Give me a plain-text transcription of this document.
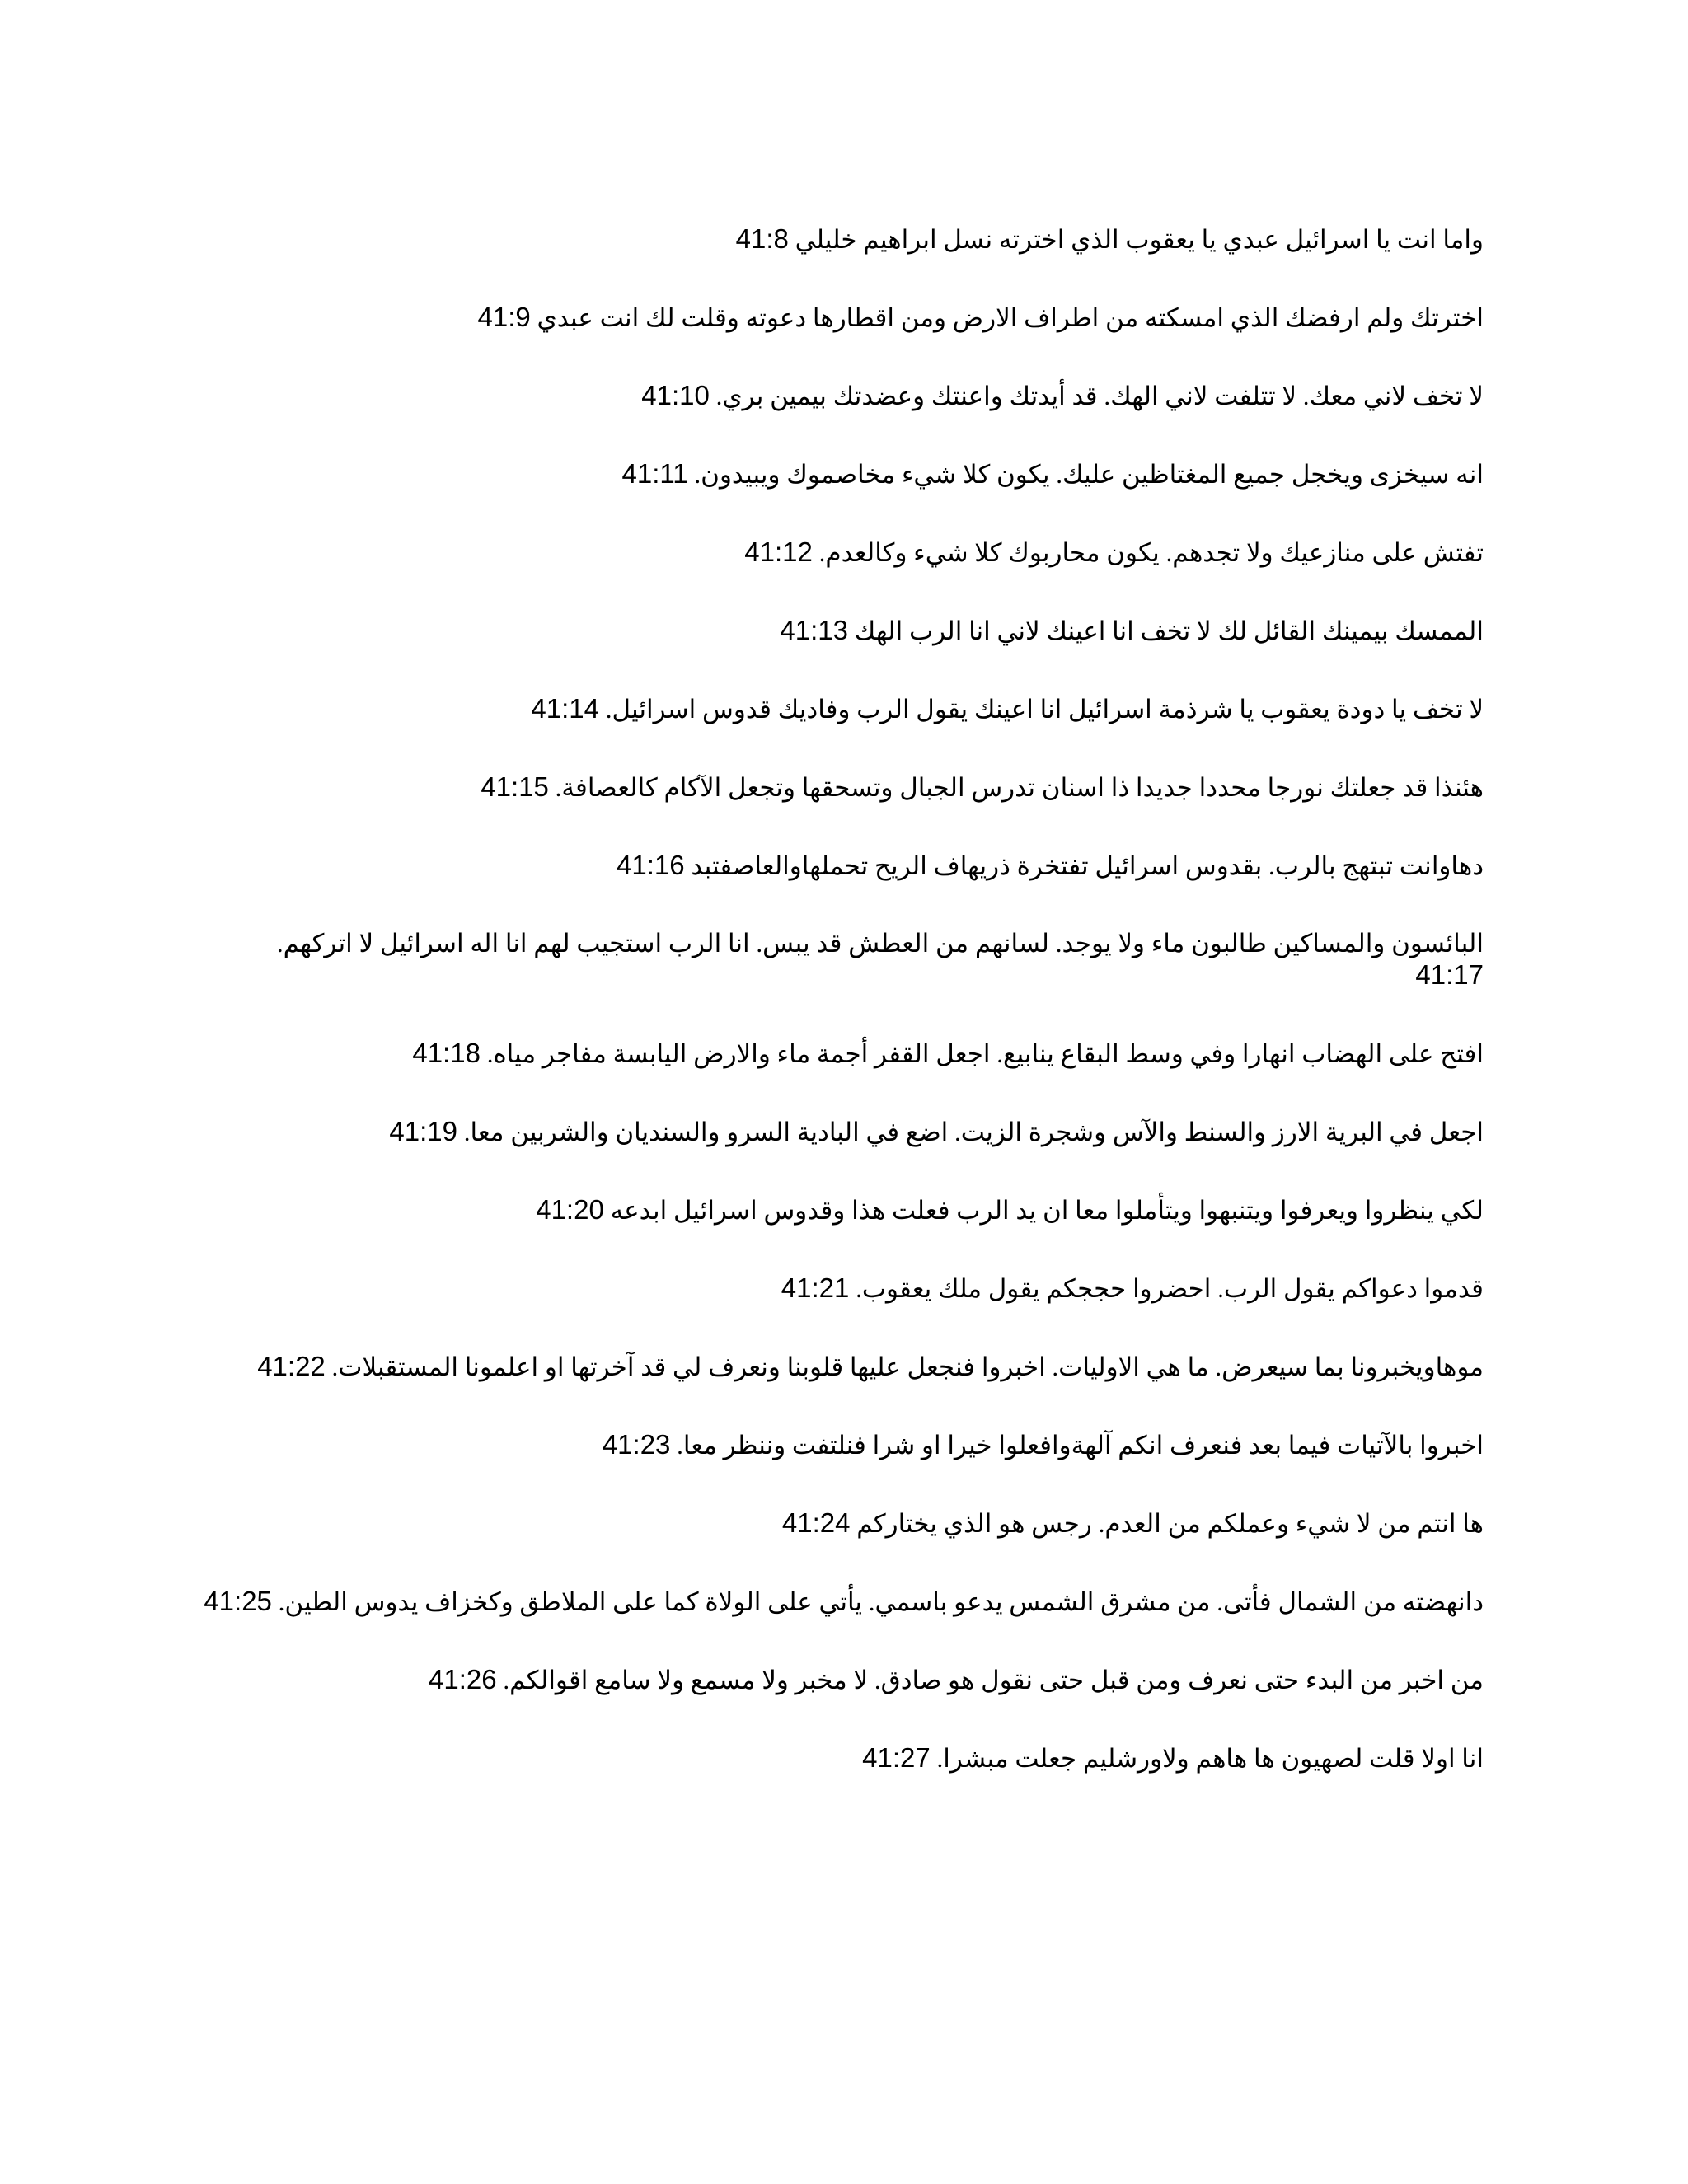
واما انت يا اسرائيل عبدي يا يعقوب الذي اخترته نسل ابراهيم خليلي 41:8

اخترتك ولم ارفضك الذي امسكته من اطراف الارض ومن اقطارها دعوته وقلت لك انت عبدي 41:9

لا تخف لاني معك. لا تتلفت لاني الهك. قد أيدتك واعنتك وعضدتك بيمين بري. 41:10

انه سيخزى ويخجل جميع المغتاظين عليك. يكون كلا شيء مخاصموك ويبيدون. 41:11

تفتش على منازعيك ولا تجدهم. يكون محاربوك كلا شيء وكالعدم. 41:12

الممسك بيمينك القائل لك لا تخف انا اعينك لاني انا الرب الهك 41:13

لا تخف يا دودة يعقوب يا شرذمة اسرائيل انا اعينك يقول الرب وفاديك قدوس اسرائيل. 41:14

هئنذا قد جعلتك نورجا محددا جديدا ذا اسنان تدرس الجبال وتسحقها وتجعل الآكام كالعصافة. 41:15

دهاوانت تبتهج بالرب. بقدوس اسرائيل تفتخرة ذريهاف الريح تحملهاوالعاصفتبد 41:16

البائسون والمساكين طالبون ماء ولا يوجد. لسانهم من العطش قد يبس. انا الرب استجيب لهم انا اله اسرائيل لا اتركهم. 41:17

افتح على الهضاب انهارا وفي وسط البقاع ينابيع. اجعل القفر أجمة ماء والارض اليابسة مفاجر مياه. 41:18

اجعل في البرية الارز والسنط والآس وشجرة الزيت. اضع في البادية السرو والسنديان والشربين معا. 41:19

لكي ينظروا ويعرفوا ويتنبهوا ويتأملوا معا ان يد الرب فعلت هذا وقدوس اسرائيل ابدعه 41:20

قدموا دعواكم يقول الرب. احضروا حججكم يقول ملك يعقوب. 41:21

موهاويخبرونا بما سيعرض. ما هي الاوليات. اخبروا فنجعل عليها قلوبنا ونعرف لي قد آخرتها او اعلمونا المستقبلات. 41:22

اخبروا بالآتيات فيما بعد فنعرف انكم آلهةوافعلوا خيرا او شرا فنلتفت وننظر معا. 41:23

ها انتم من لا شيء وعملكم من العدم. رجس هو الذي يختاركم 41:24

دانهضته من الشمال فأتى. من مشرق الشمس يدعو باسمي. يأتي على الولاة كما على الملاطق وكخزاف يدوس الطين. 41:25

من اخبر من البدء حتى نعرف ومن قبل حتى نقول هو صادق. لا مخبر ولا مسمع ولا سامع اقوالكم. 41:26

انا اولا قلت لصهيون ها هاهم ولاورشليم جعلت مبشرا. 41:27
